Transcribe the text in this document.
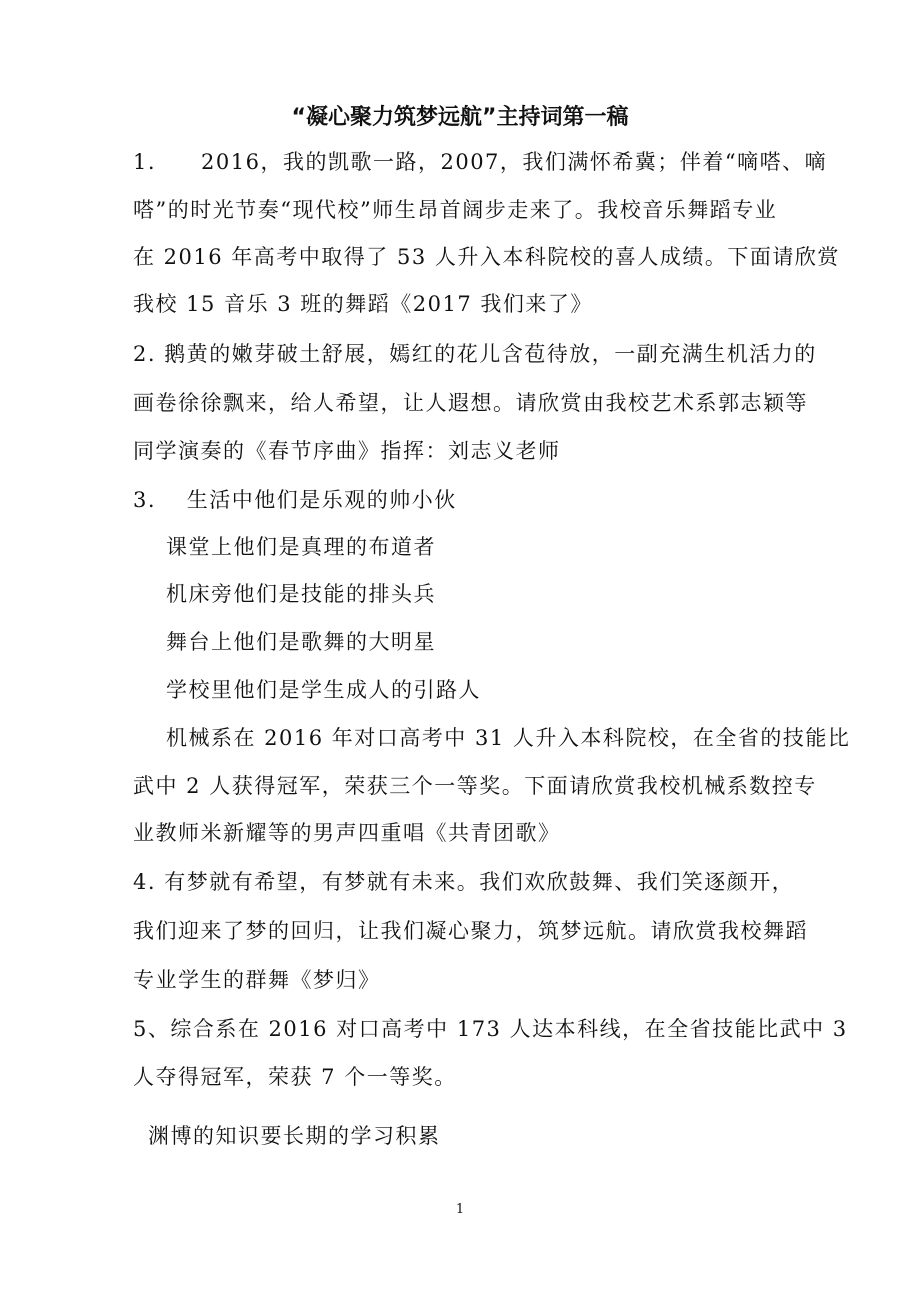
“凝心聚力筑梦远航”主持词第一稿
1.　　2016，我的凯歌一路，2007，我们满怀希冀；伴着“嘀嗒、嘀
嗒”的时光节奏“现代校”师生昂首阔步走来了。我校音乐舞蹈专业
在 2016 年高考中取得了 53 人升入本科院校的喜人成绩。下面请欣赏
我校 15 音乐 3 班的舞蹈《2017 我们来了》
2. 鹅黄的嫩芽破土舒展，嫣红的花儿含苞待放，一副充满生机活力的
画卷徐徐飘来，给人希望，让人遐想。请欣赏由我校艺术系郭志颖等
同学演奏的《春节序曲》指挥：刘志义老师
3.　 生活中他们是乐观的帅小伙
课堂上他们是真理的布道者
机床旁他们是技能的排头兵
舞台上他们是歌舞的大明星
学校里他们是学生成人的引路人
机械系在 2016 年对口高考中 31 人升入本科院校，在全省的技能比
武中 2 人获得冠军，荣获三个一等奖。下面请欣赏我校机械系数控专
业教师米新耀等的男声四重唱《共青团歌》
4. 有梦就有希望，有梦就有未来。我们欢欣鼓舞、我们笑逐颜开，
我们迎来了梦的回归，让我们凝心聚力，筑梦远航。请欣赏我校舞蹈
专业学生的群舞《梦归》
5、综合系在 2016 对口高考中 173 人达本科线，在全省技能比武中 3
人夺得冠军，荣获 7 个一等奖。
渊博的知识要长期的学习积累
1
